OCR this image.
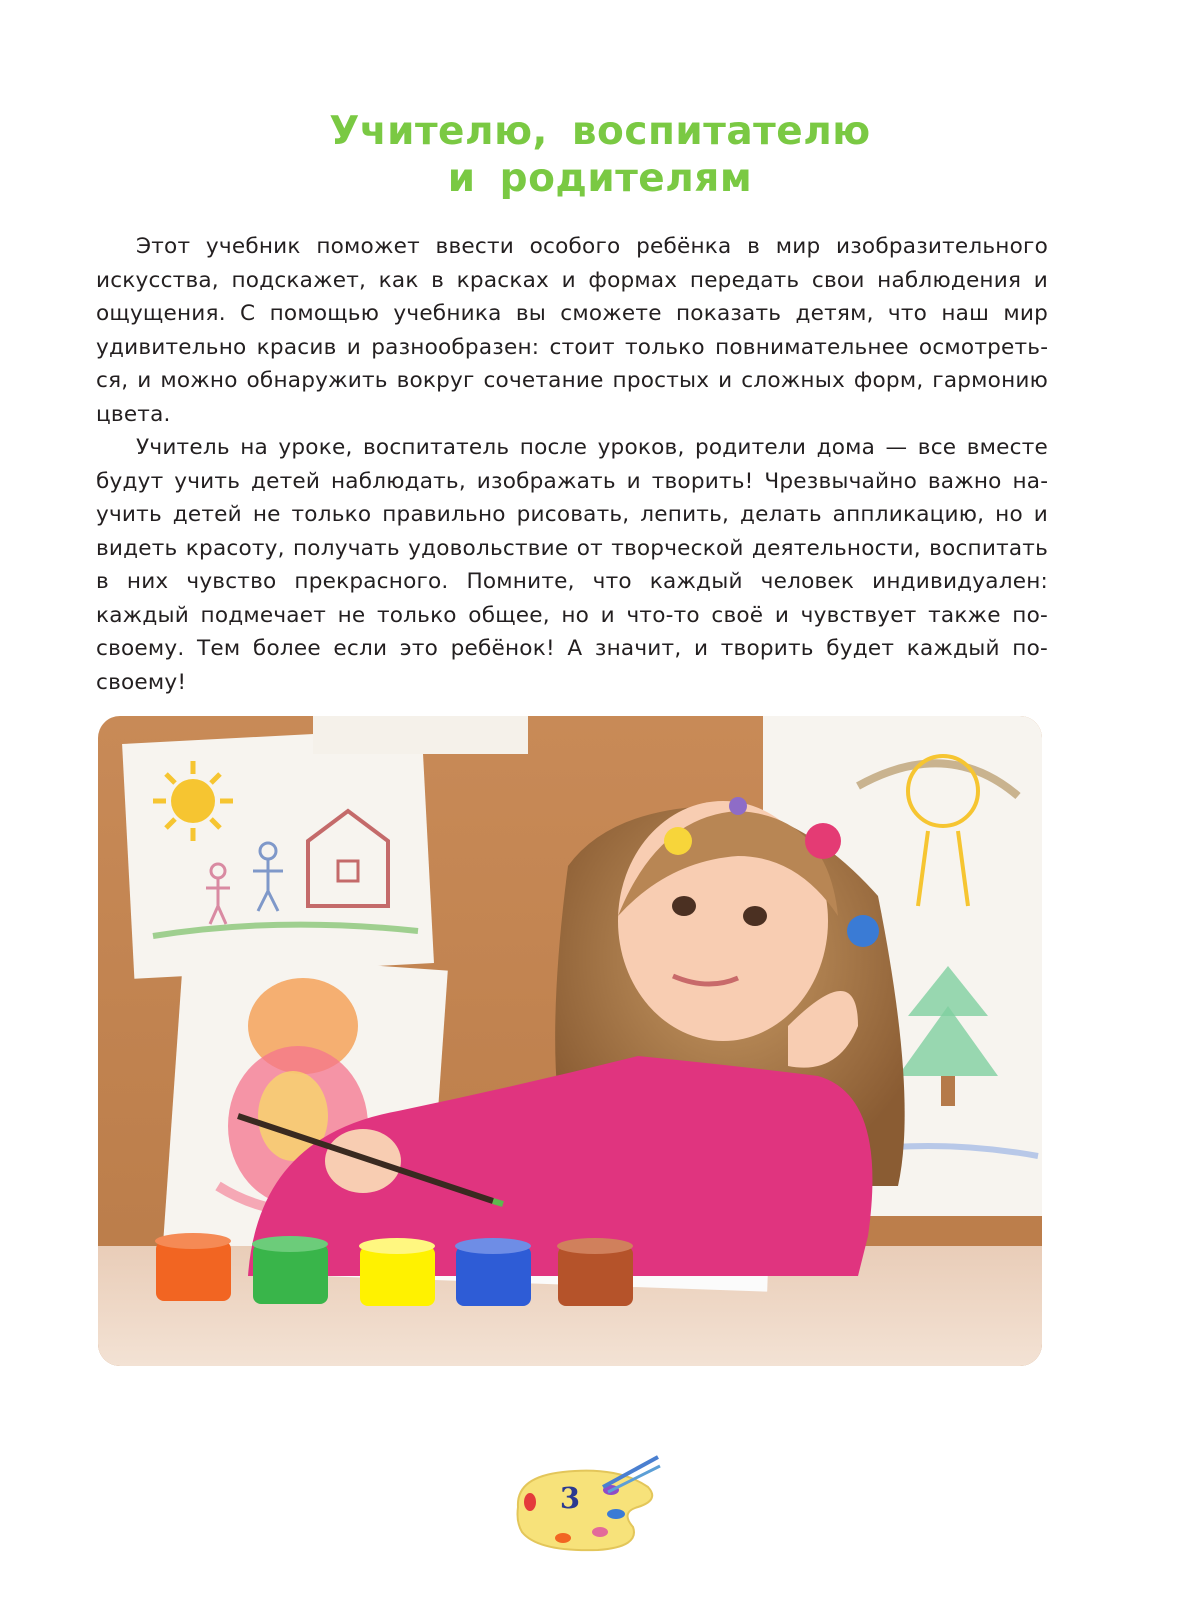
Учителю, воспитателю
и родителям

Этот учебник поможет ввести особого ребёнка в мир изобразительного искусства, подскажет, как в красках и формах передать свои наблюдения и ощущения. С помощью учебника вы сможете показать детям, что наш мир удивительно красив и разнообразен: стоит только повнимательнее осмотреться, и можно обнаружить вокруг сочетание простых и сложных форм, гармонию цвета.

Учитель на уроке, воспитатель после уроков, родители дома — все вместе будут учить детей наблюдать, изображать и творить! Чрезвычайно важно научить детей не только правильно рисовать, лепить, делать аппликацию, но и видеть красоту, получать удовольствие от творческой деятельности, воспитать в них чувство прекрасного. Помните, что каждый человек индивидуален: каждый подмечает не только общее, но и что-то своё и чувствует также по-своему. Тем более если это ребёнок! А значит, и творить будет каждый по-своему!

3
